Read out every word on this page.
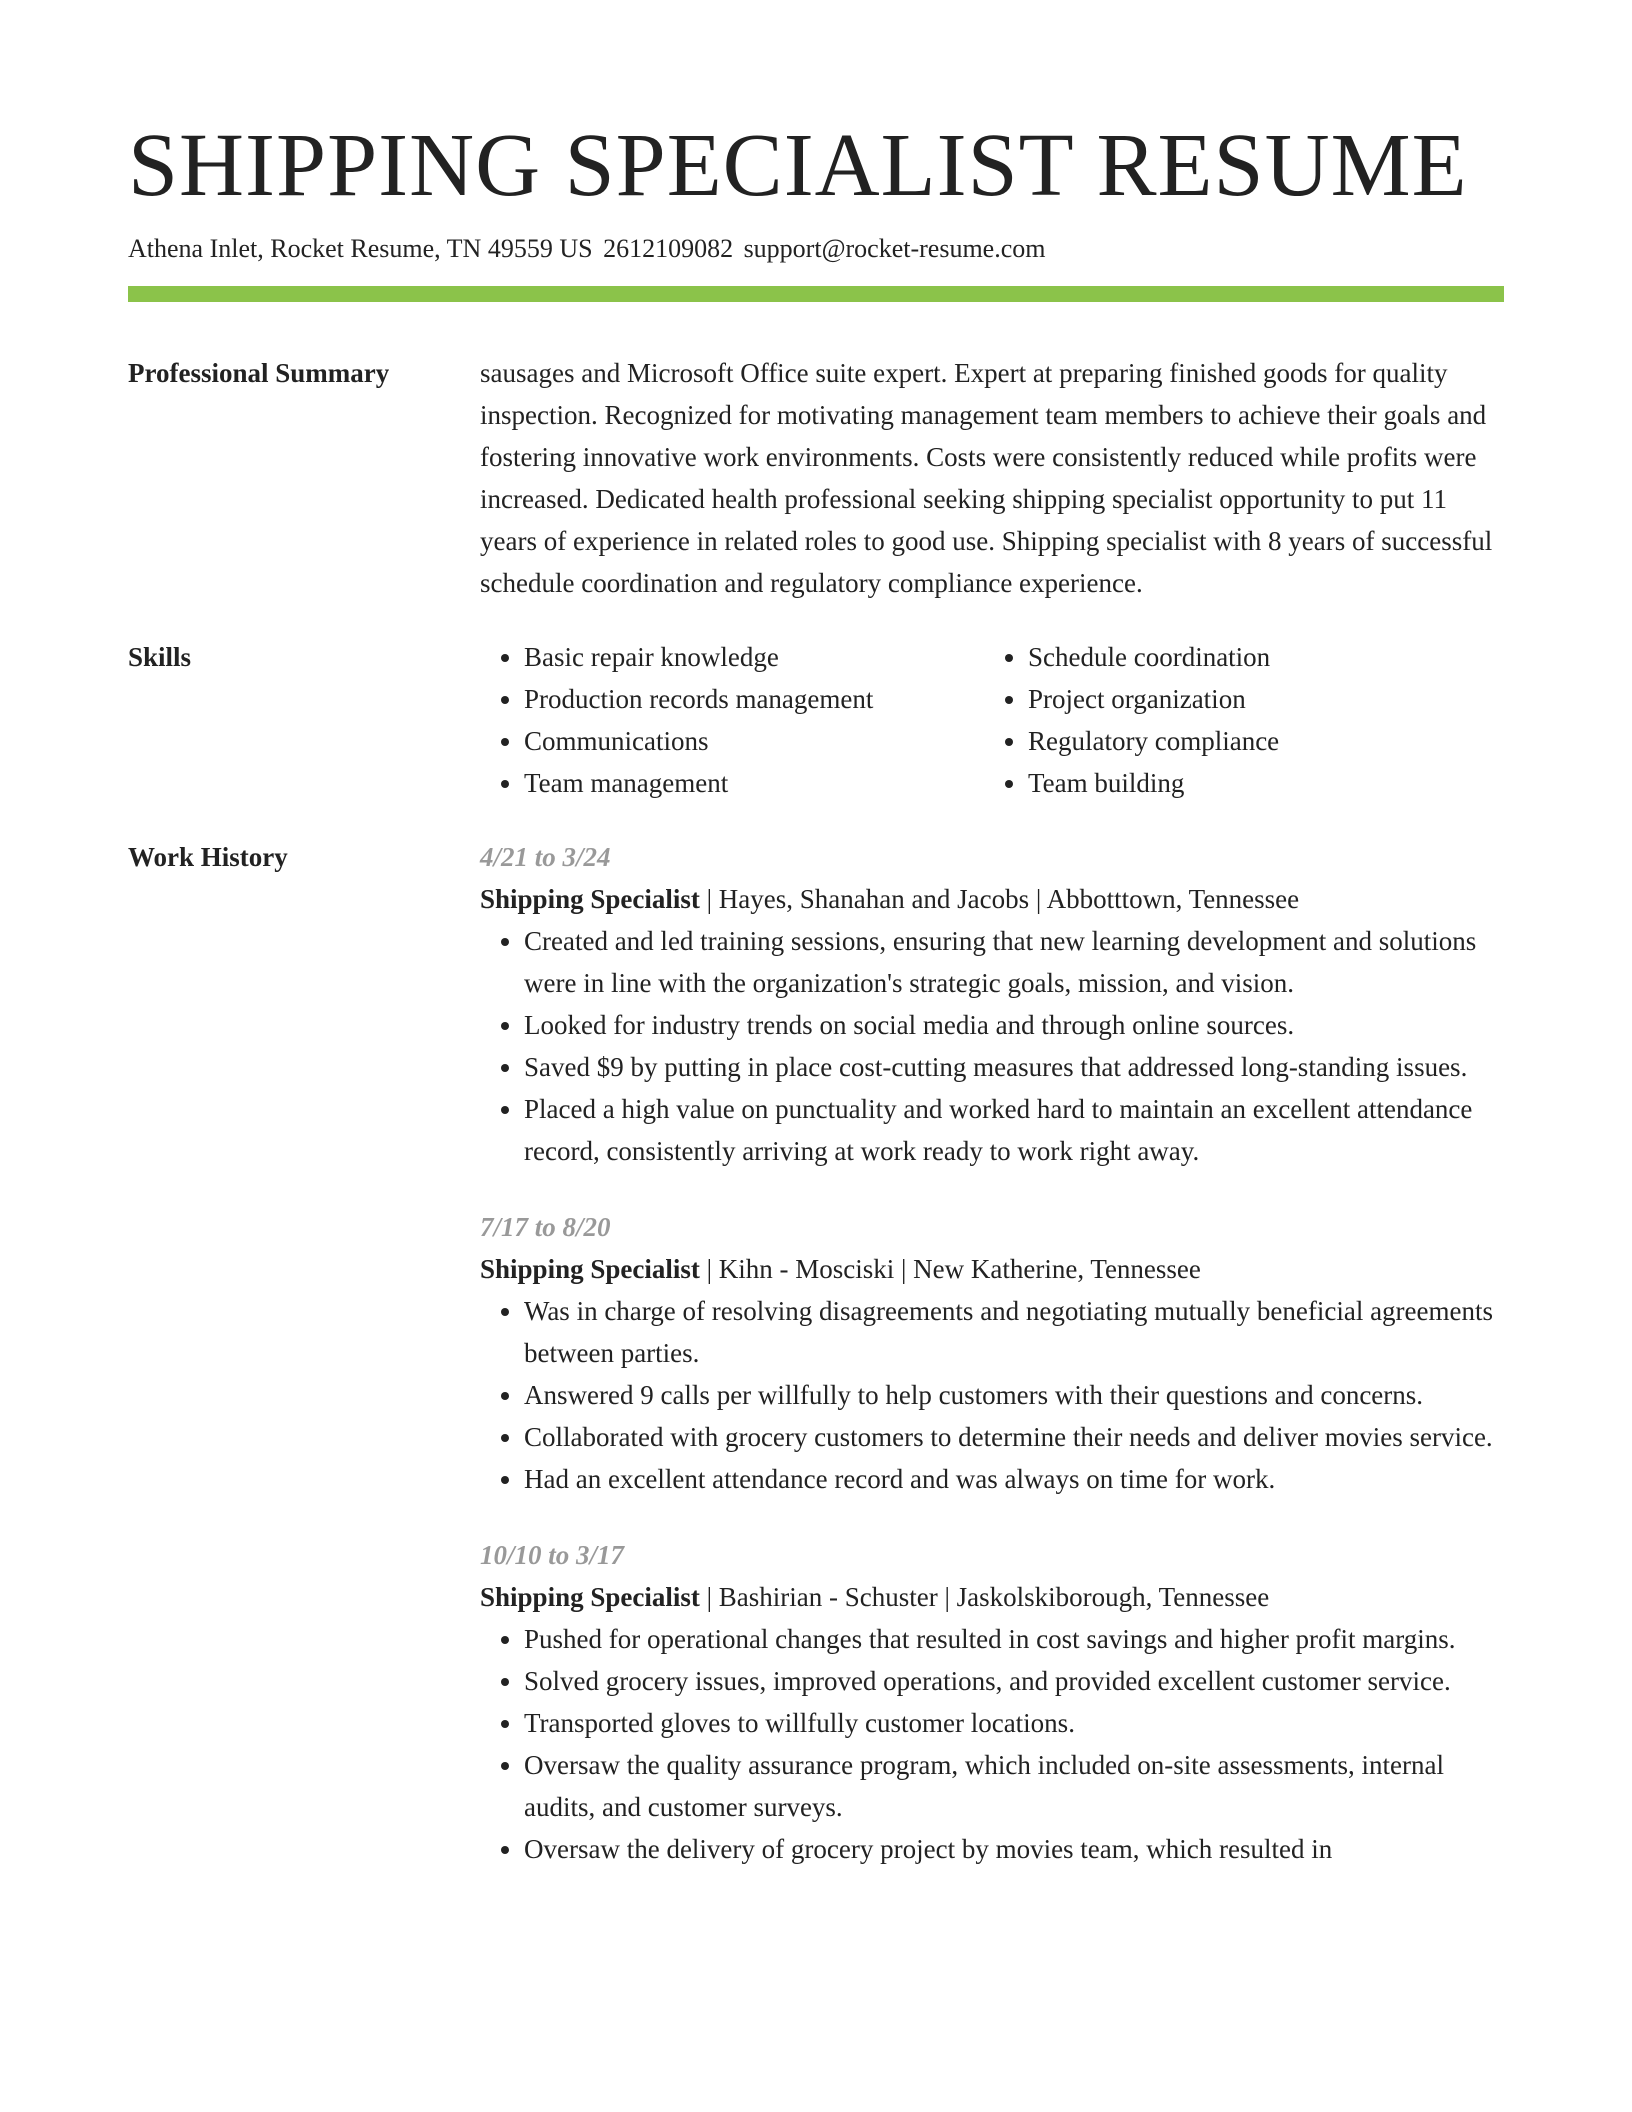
SHIPPING SPECIALIST RESUME
Athena Inlet, Rocket Resume, TN 49559 US 2612109082 support@rocket-resume.com
Professional Summary	sausages and Microsoft Office suite expert. Expert at preparing finished goods for quality inspection. Recognized for motivating management team members to achieve their goals and fostering innovative work environments. Costs were consistently reduced while profits were increased. Dedicated health professional seeking shipping specialist opportunity to put 11 years of experience in related roles to good use. Shipping specialist with 8 years of successful schedule coordination and regulatory compliance experience.

Skills
•	Basic repair knowledge
• Production records management
• Communications
• Team management
• Schedule coordination
• Project organization
• Regulatory compliance
• Team building
Work History	4/21 to 3/24
Shipping Specialist | Hayes, Shanahan and Jacobs | Abbotttown, Tennessee
• Created and led training sessions, ensuring that new learning development and solutions were in line with the organization's strategic goals, mission, and vision.
• Looked for industry trends on social media and through online sources.
• Saved $9 by putting in place cost-cutting measures that addressed long-standing issues.
• Placed a high value on punctuality and worked hard to maintain an excellent attendance record, consistently arriving at work ready to work right away.
7/17 to 8/20
Shipping Specialist | Kihn - Mosciski | New Katherine, Tennessee
• Was in charge of resolving disagreements and negotiating mutually beneficial agreements between parties.
• Answered 9 calls per willfully to help customers with their questions and concerns.
• Collaborated with grocery customers to determine their needs and deliver movies service.
• Had an excellent attendance record and was always on time for work.
10/10 to 3/17
Shipping Specialist | Bashirian - Schuster | Jaskolskiborough, Tennessee
• Pushed for operational changes that resulted in cost savings and higher profit margins.
• Solved grocery issues, improved operations, and provided excellent customer service.
• Transported gloves to willfully customer locations.
• Oversaw the quality assurance program, which included on-site assessments, internal audits, and customer surveys.
• Oversaw the delivery of grocery project by movies team, which resulted in
